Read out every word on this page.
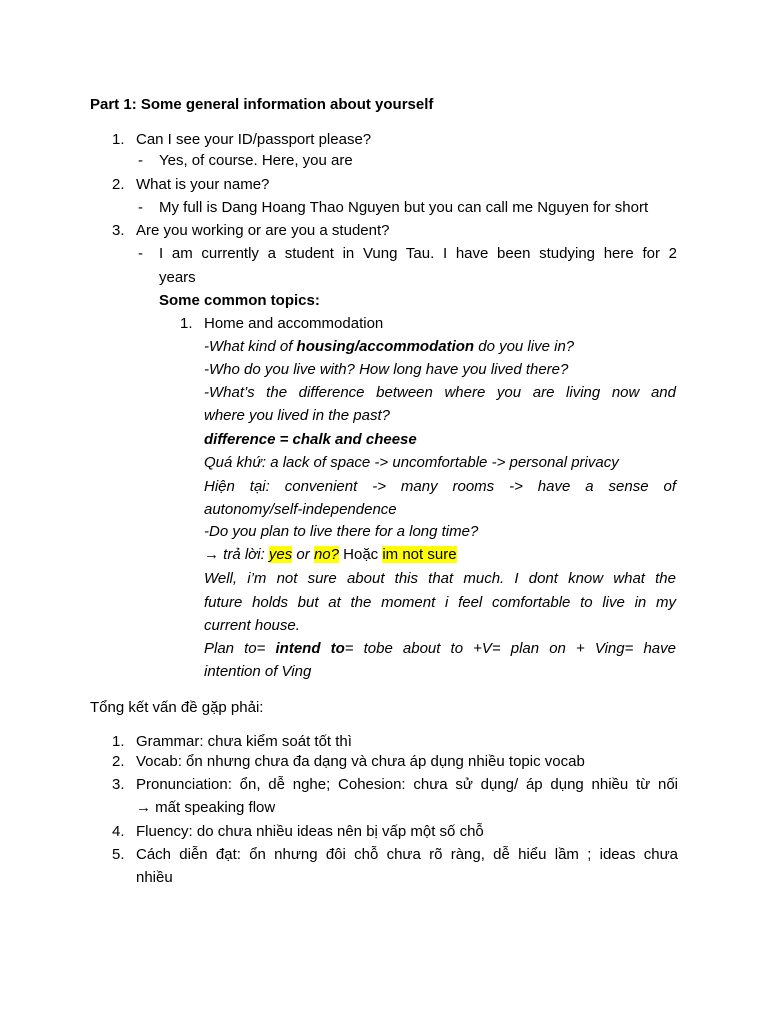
Part 1: Some general information about yourself
1. Can I see your ID/passport please?
- Yes, of course. Here, you are
2. What is your name?
- My full is Dang Hoang Thao Nguyen but you can call me Nguyen for short
3. Are you working or are you a student?
- I am currently a student in Vung Tau. I have been studying here for 2
years
Some common topics:
1. Home and accommodation
-What kind of housing/accommodation do you live in?
-Who do you live with? How long have you lived there?
-What’s the difference between where you are living now and
where you lived in the past?
difference = chalk and cheese
Quá khứ: a lack of space -> uncomfortable -> personal privacy
Hiện tại: convenient -> many rooms -> have a sense of
autonomy/self-independence
-Do you plan to live there for a long time?
→ trả lời: yes or no? Hoặc im not sure
Well, i’m not sure about this that much. I dont know what the
future holds but at the moment i feel comfortable to live in my
current house.
Plan to= intend to= tobe about to +V= plan on + Ving= have
intention of Ving
Tổng kết vấn đề gặp phải:
1. Grammar: chưa kiểm soát tốt thì
2. Vocab: ổn nhưng chưa đa dạng và chưa áp dụng nhiều topic vocab
3. Pronunciation: ổn, dễ nghe; Cohesion: chưa sử dụng/ áp dụng nhiều từ nối
→ mất speaking flow
4. Fluency: do chưa nhiều ideas nên bị vấp một số chỗ
5. Cách diễn đạt: ổn nhưng đôi chỗ chưa rõ ràng, dễ hiểu lầm ; ideas chưa
nhiều
